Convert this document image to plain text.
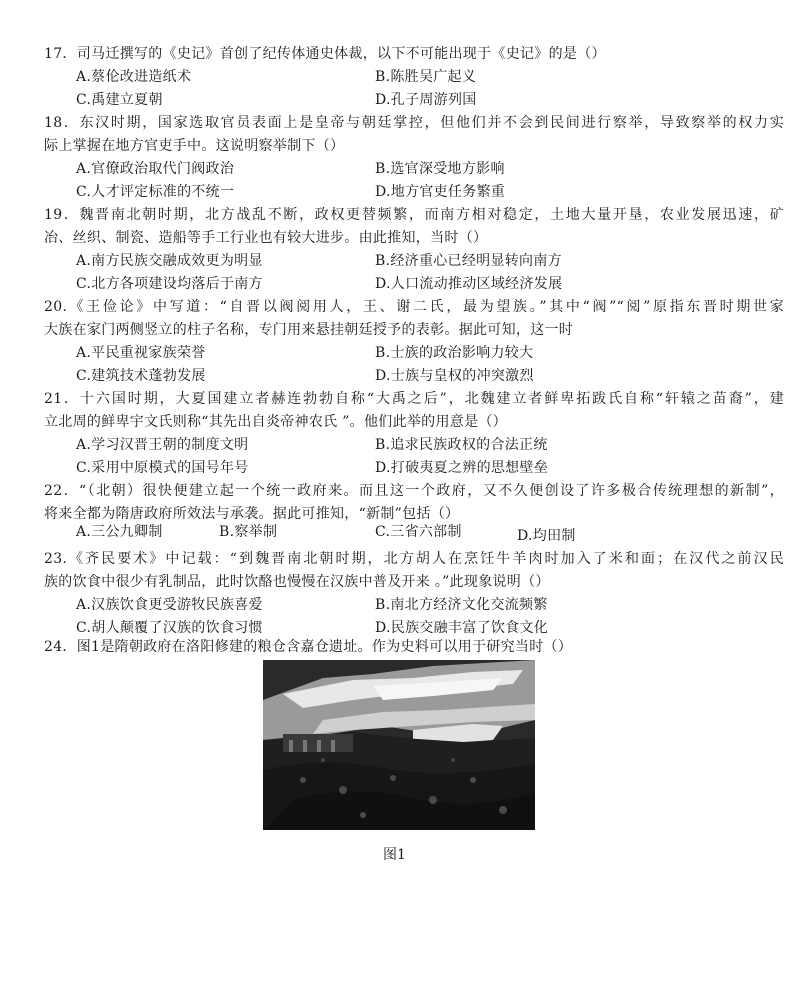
17．司马迁撰写的《史记》首创了纪传体通史体裁，以下不可能出现于《史记》的是（）
A.蔡伦改进造纸术	B.陈胜吴广起义
C.禹建立夏朝	D.孔子周游列国
18．东汉时期，国家选取官员表面上是皇帝与朝廷掌控，但他们并不会到民间进行察举，导致察举的权力实
际上掌握在地方官吏手中。这说明察举制下（）
A.官僚政治取代门阀政治	B.选官深受地方影响
C.人才评定标准的不统一	D.地方官吏任务繁重
19．魏晋南北朝时期，北方战乱不断，政权更替频繁，而南方相对稳定，土地大量开垦，农业发展迅速，矿
冶、丝织、制瓷、造船等手工行业也有较大进步。由此推知，当时（）
A.南方民族交融成效更为明显	B.经济重心已经明显转向南方
C.北方各项建设均落后于南方	D.人口流动推动区域经济发展
20.《王俭论》中写道：“自晋以阀阅用人，王、谢二氏，最为望族。”其中“阀”“阅”原指东晋时期世家
大族在家门两侧竖立的柱子名称，专门用来悬挂朝廷授予的表彰。据此可知，这一时
A.平民重视家族荣誉	B.士族的政治影响力较大
C.建筑技术蓬勃发展	D.士族与皇权的冲突激烈
21．十六国时期，大夏国建立者赫连勃勃自称“大禹之后”，北魏建立者鲜卑拓跋氏自称“轩辕之苗裔”，建
立北周的鲜卑宇文氏则称“其先出自炎帝神农氏 ”。他们此举的用意是（）
A.学习汉晋王朝的制度文明	B.追求民族政权的合法正统
C.采用中原模式的国号年号	D.打破夷夏之辨的思想壁垒
22．“（北朝）很快便建立起一个统一政府来。而且这一个政府，又不久便创设了许多极合传统理想的新制”，
将来全都为隋唐政府所效法与承袭。据此可推知，“新制”包括（）
A.三公九卿制	B.察举制	C.三省六部制	D.均田制
23.《齐民要术》中记载：“到魏晋南北朝时期，北方胡人在烹饪牛羊肉时加入了米和面；在汉代之前汉民
族的饮食中很少有乳制品，此时饮酪也慢慢在汉族中普及开来 。”此现象说明（）
A.汉族饮食更受游牧民族喜爱	B.南北方经济文化交流频繁
C.胡人颠覆了汉族的饮食习惯	D.民族交融丰富了饮食文化
24．图1是隋朝政府在洛阳修建的粮仓含嘉仓遗址。作为史料可以用于研究当时（）
图1
